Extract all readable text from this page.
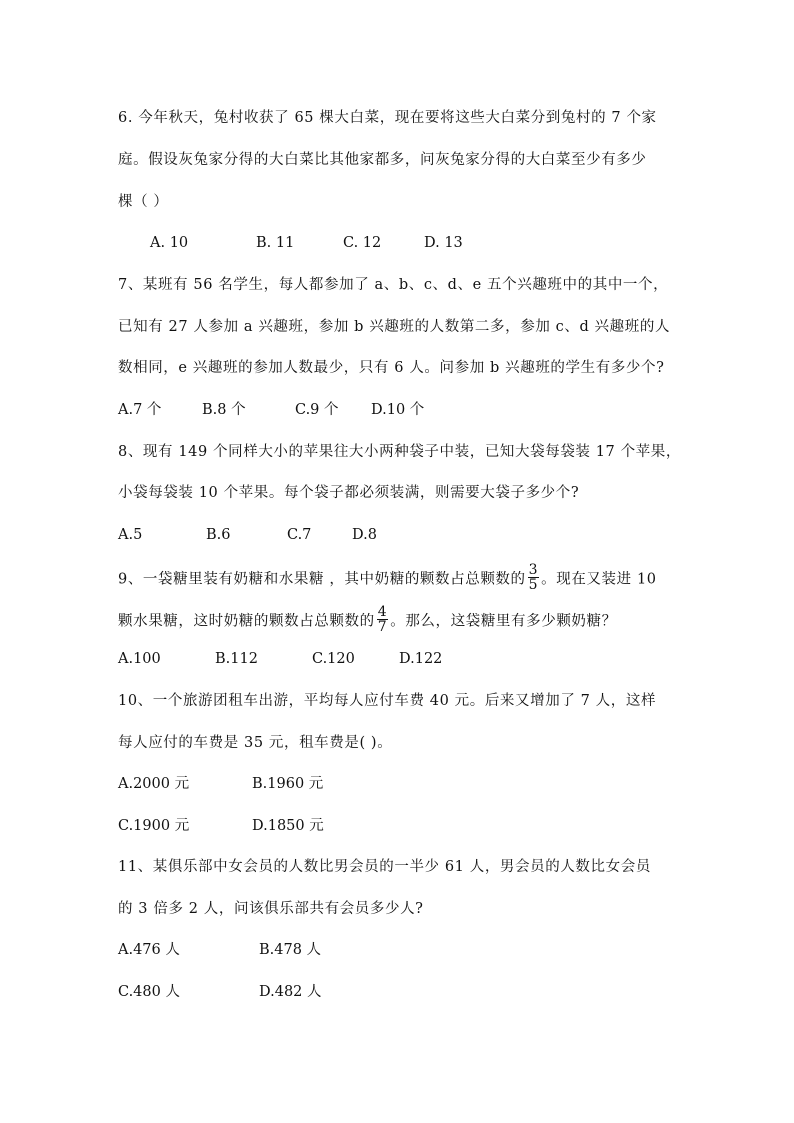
6. 今年秋天，兔村收获了 65 棵大白菜，现在要将这些大白菜分到兔村的 7 个家
庭。假设灰兔家分得的大白菜比其他家都多，问灰兔家分得的大白菜至少有多少
棵（ ）
A. 10	B. 11	C. 12	D. 13
7、某班有 56 名学生，每人都参加了 a、b、c、d、e 五个兴趣班中的其中一个，
已知有 27 人参加 a 兴趣班，参加 b 兴趣班的人数第二多，参加 c、d 兴趣班的人
数相同，e 兴趣班的参加人数最少，只有 6 人。问参加 b 兴趣班的学生有多少个?
A.7 个	B.8 个	C.9 个 D.10 个
8、现有 149 个同样大小的苹果往大小两种袋子中装，已知大袋每袋装 17 个苹果，
小袋每袋装 10 个苹果。每个袋子都必须装满，则需要大袋子多少个?
A.5	B.6	C.7	D.8
9、一袋糖里装有奶糖和水果糖 ，其中奶糖的颗数占总颗数的 $\frac{3}{5}$ 。现在又装进 10
颗水果糖，这时奶糖的颗数占总颗数的 $\frac{4}{7}$ 。那么，这袋糖里有多少颗奶糖？
A.100	B.112	C.120	D.122
10、一个旅游团租车出游，平均每人应付车费 40 元。后来又增加了 7 人，这样
每人应付的车费是 35 元，租车费是( )。
A.2000 元	B.1960 元
C.1900 元	D.1850 元
11、某俱乐部中女会员的人数比男会员的一半少 61 人，男会员的人数比女会员
的 3 倍多 2 人，问该俱乐部共有会员多少人?
A.476 人	B.478 人
C.480 人	D.482 人
